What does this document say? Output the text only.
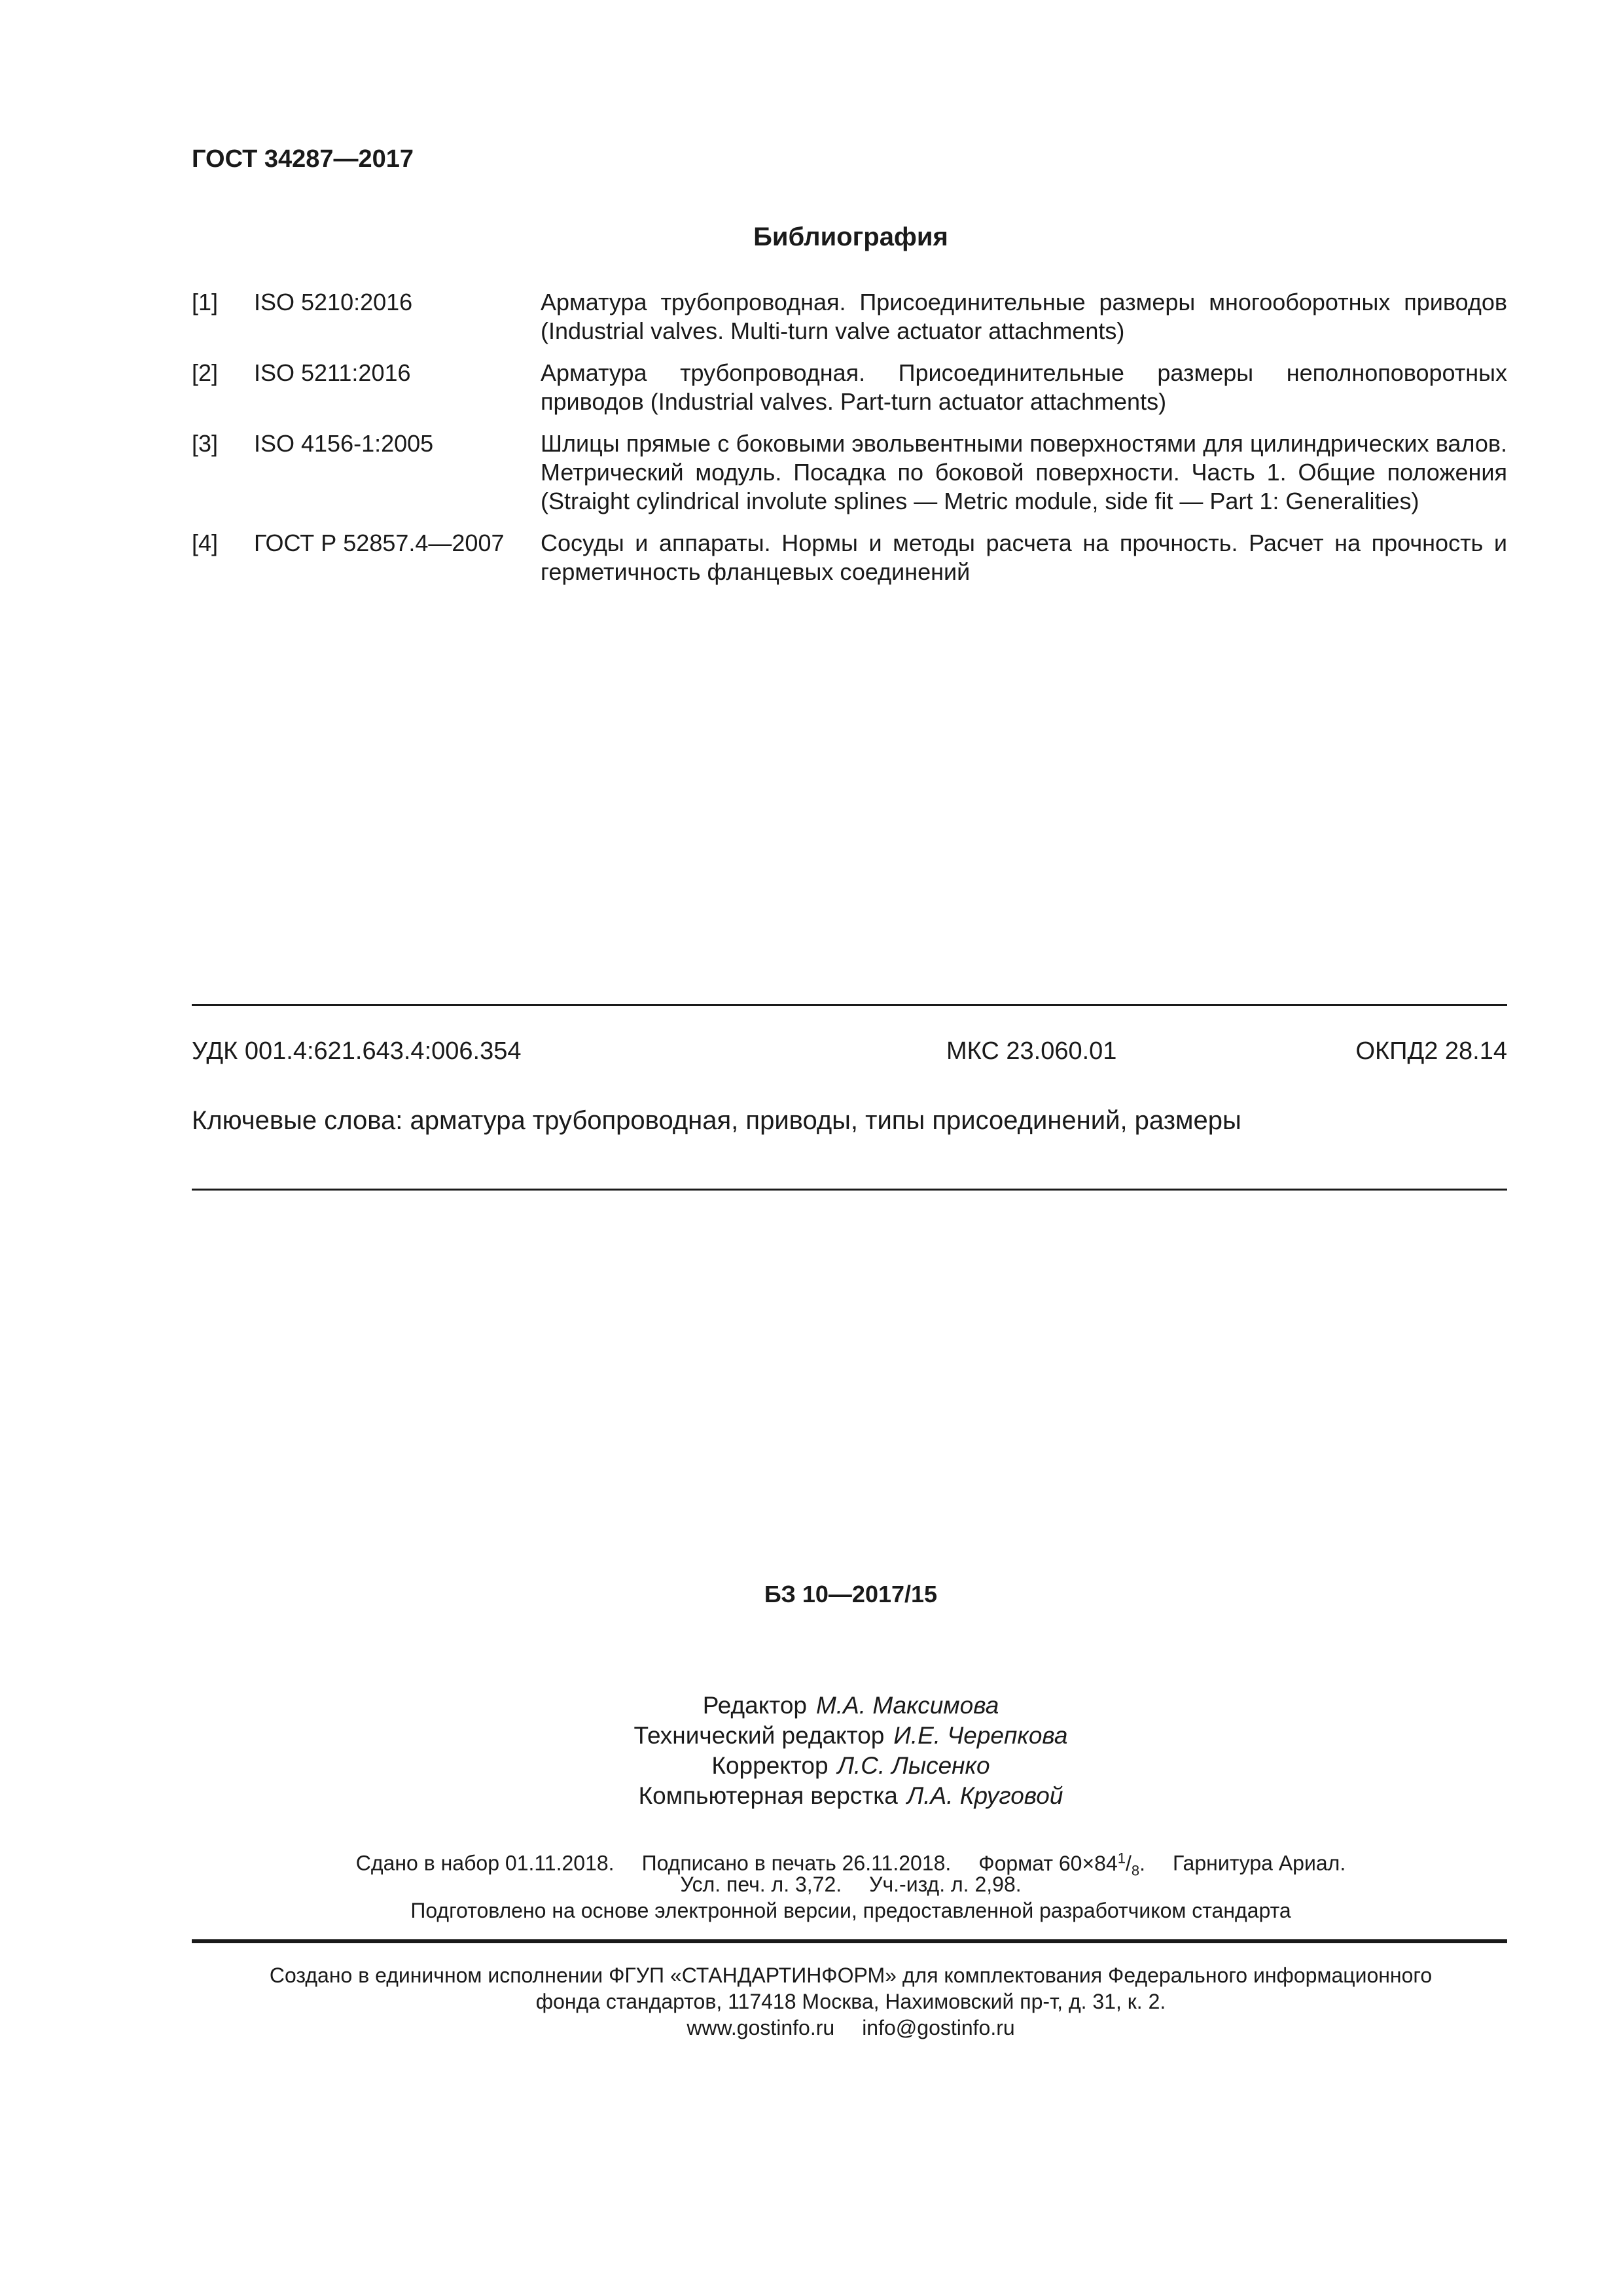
ГОСТ 34287—2017
Библиография
[1] ISO 5210:2016	Арматура трубопроводная. Присоединительные размеры многооборотных приводов (Industrial valves. Multi-turn valve actuator attachments)
[2] ISO 5211:2016	Арматура трубопроводная. Присоединительные размеры неполноповоротных приводов (Industrial valves. Part-turn actuator attachments)
[3] ISO 4156-1:2005	Шлицы прямые с боковыми эвольвентными поверхностями для цилиндрических валов. Метрический модуль. Посадка по боковой поверхности. Часть 1. Общие положения (Straight cylindrical involute splines — Metric module, side fit — Part 1: Generalities)
[4] ГОСТ Р 52857.4—2007 Сосуды и аппараты. Нормы и методы расчета на прочность. Расчет на прочность и герметичность фланцевых соединений
УДК 001.4:621.643.4:006.354	МКС 23.060.01	ОКПД2 28.14
Ключевые слова: арматура трубопроводная, приводы, типы присоединений, размеры
БЗ 10—2017/15
Редактор М.А. Максимова
Технический редактор И.Е. Черепкова
Корректор Л.С. Лысенко
Компьютерная верстка Л.А. Круговой
Сдано в набор 01.11.2018. Подписано в печать 26.11.2018. Формат $60\times 84^1/_8$. Гарнитура Ариал.
Усл. печ. л. 3,72. Уч.-изд. л. 2,98.
Подготовлено на основе электронной версии, предоставленной разработчиком стандарта
Создано в единичном исполнении ФГУП «СТАНДАРТИНФОРМ» для комплектования Федерального информационного
фонда стандартов, 117418 Москва, Нахимовский пр-т, д. 31, к. 2.
www.gostinfo.ru info@gostinfo.ru
